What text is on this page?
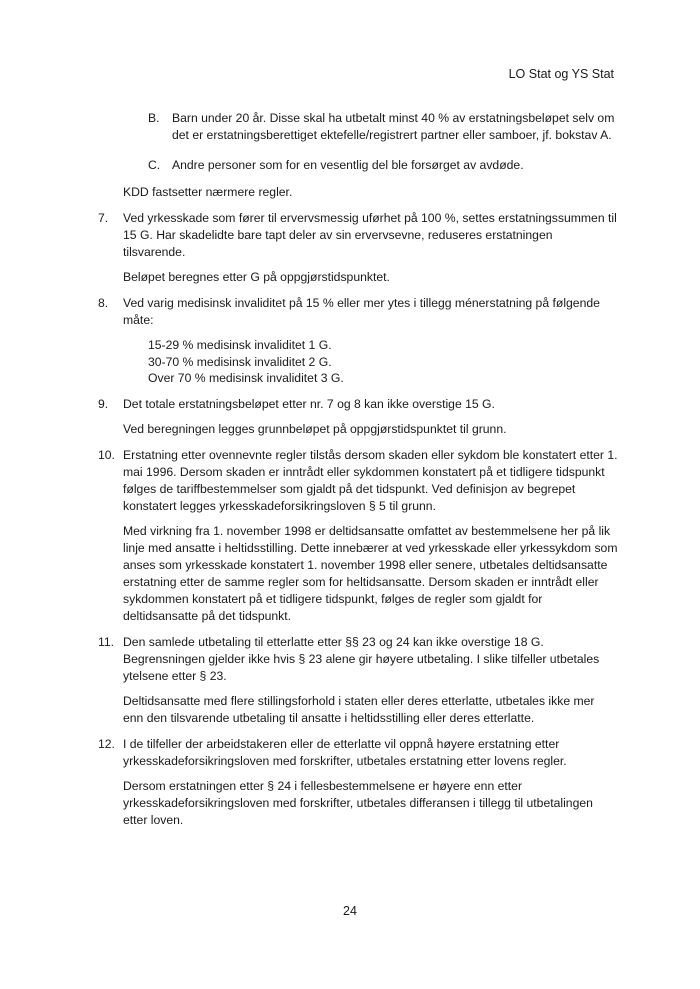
LO Stat og YS Stat
B.	Barn under 20 år. Disse skal ha utbetalt minst 40 % av erstatningsbeløpet selv om det er erstatningsberettiget ektefelle/registrert partner eller samboer, jf. bokstav A.
C. Andre personer som for en vesentlig del ble forsørget av avdøde.

KDD fastsetter nærmere regler.

7.	Ved yrkesskade som fører til ervervsmessig uførhet på 100 %, settes erstatningssummen til 15 G. Har skadelidte bare tapt deler av sin ervervsevne, reduseres erstatningen tilsvarende.

Beløpet beregnes etter G på oppgjørstidspunktet.

8.	Ved varig medisinsk invaliditet på 15 % eller mer ytes i tillegg ménerstatning på følgende måte:
15-29 % medisinsk invaliditet 1 G.
30-70 % medisinsk invaliditet 2 G.
Over 70 % medisinsk invaliditet 3 G.
9.	Det totale erstatningsbeløpet etter nr. 7 og 8 kan ikke overstige 15 G.

Ved beregningen legges grunnbeløpet på oppgjørstidspunktet til grunn.

10. Erstatning etter ovennevnte regler tilstås dersom skaden eller sykdom ble konstatert etter 1. mai 1996. Dersom skaden er inntrådt eller sykdommen konstatert på et tidligere tidspunkt følges de tariffbestemmelser som gjaldt på det tidspunkt. Ved definisjon av begrepet konstatert legges yrkesskadeforsikringsloven § 5 til grunn.

Med virkning fra 1. november 1998 er deltidsansatte omfattet av bestemmelsene her på lik linje med ansatte i heltidsstilling. Dette innebærer at ved yrkesskade eller yrkessykdom som anses som yrkesskade konstatert 1. november 1998 eller senere, utbetales deltidsansatte erstatning etter de samme regler som for heltidsansatte. Dersom skaden er inntrådt eller sykdommen konstatert på et tidligere tidspunkt, følges de regler som gjaldt for deltidsansatte på det tidspunkt.

11. Den samlede utbetaling til etterlatte etter §§ 23 og 24 kan ikke overstige 18 G. Begrensningen gjelder ikke hvis § 23 alene gir høyere utbetaling. I slike tilfeller utbetales ytelsene etter § 23.

Deltidsansatte med flere stillingsforhold i staten eller deres etterlatte, utbetales ikke mer enn den tilsvarende utbetaling til ansatte i heltidsstilling eller deres etterlatte.

12. I de tilfeller der arbeidstakeren eller de etterlatte vil oppnå høyere erstatning etter yrkesskadeforsikringsloven med forskrifter, utbetales erstatning etter lovens regler.

Dersom erstatningen etter § 24 i fellesbestemmelsene er høyere enn etter yrkesskadeforsikringsloven med forskrifter, utbetales differansen i tillegg til utbetalingen etter loven.

24
